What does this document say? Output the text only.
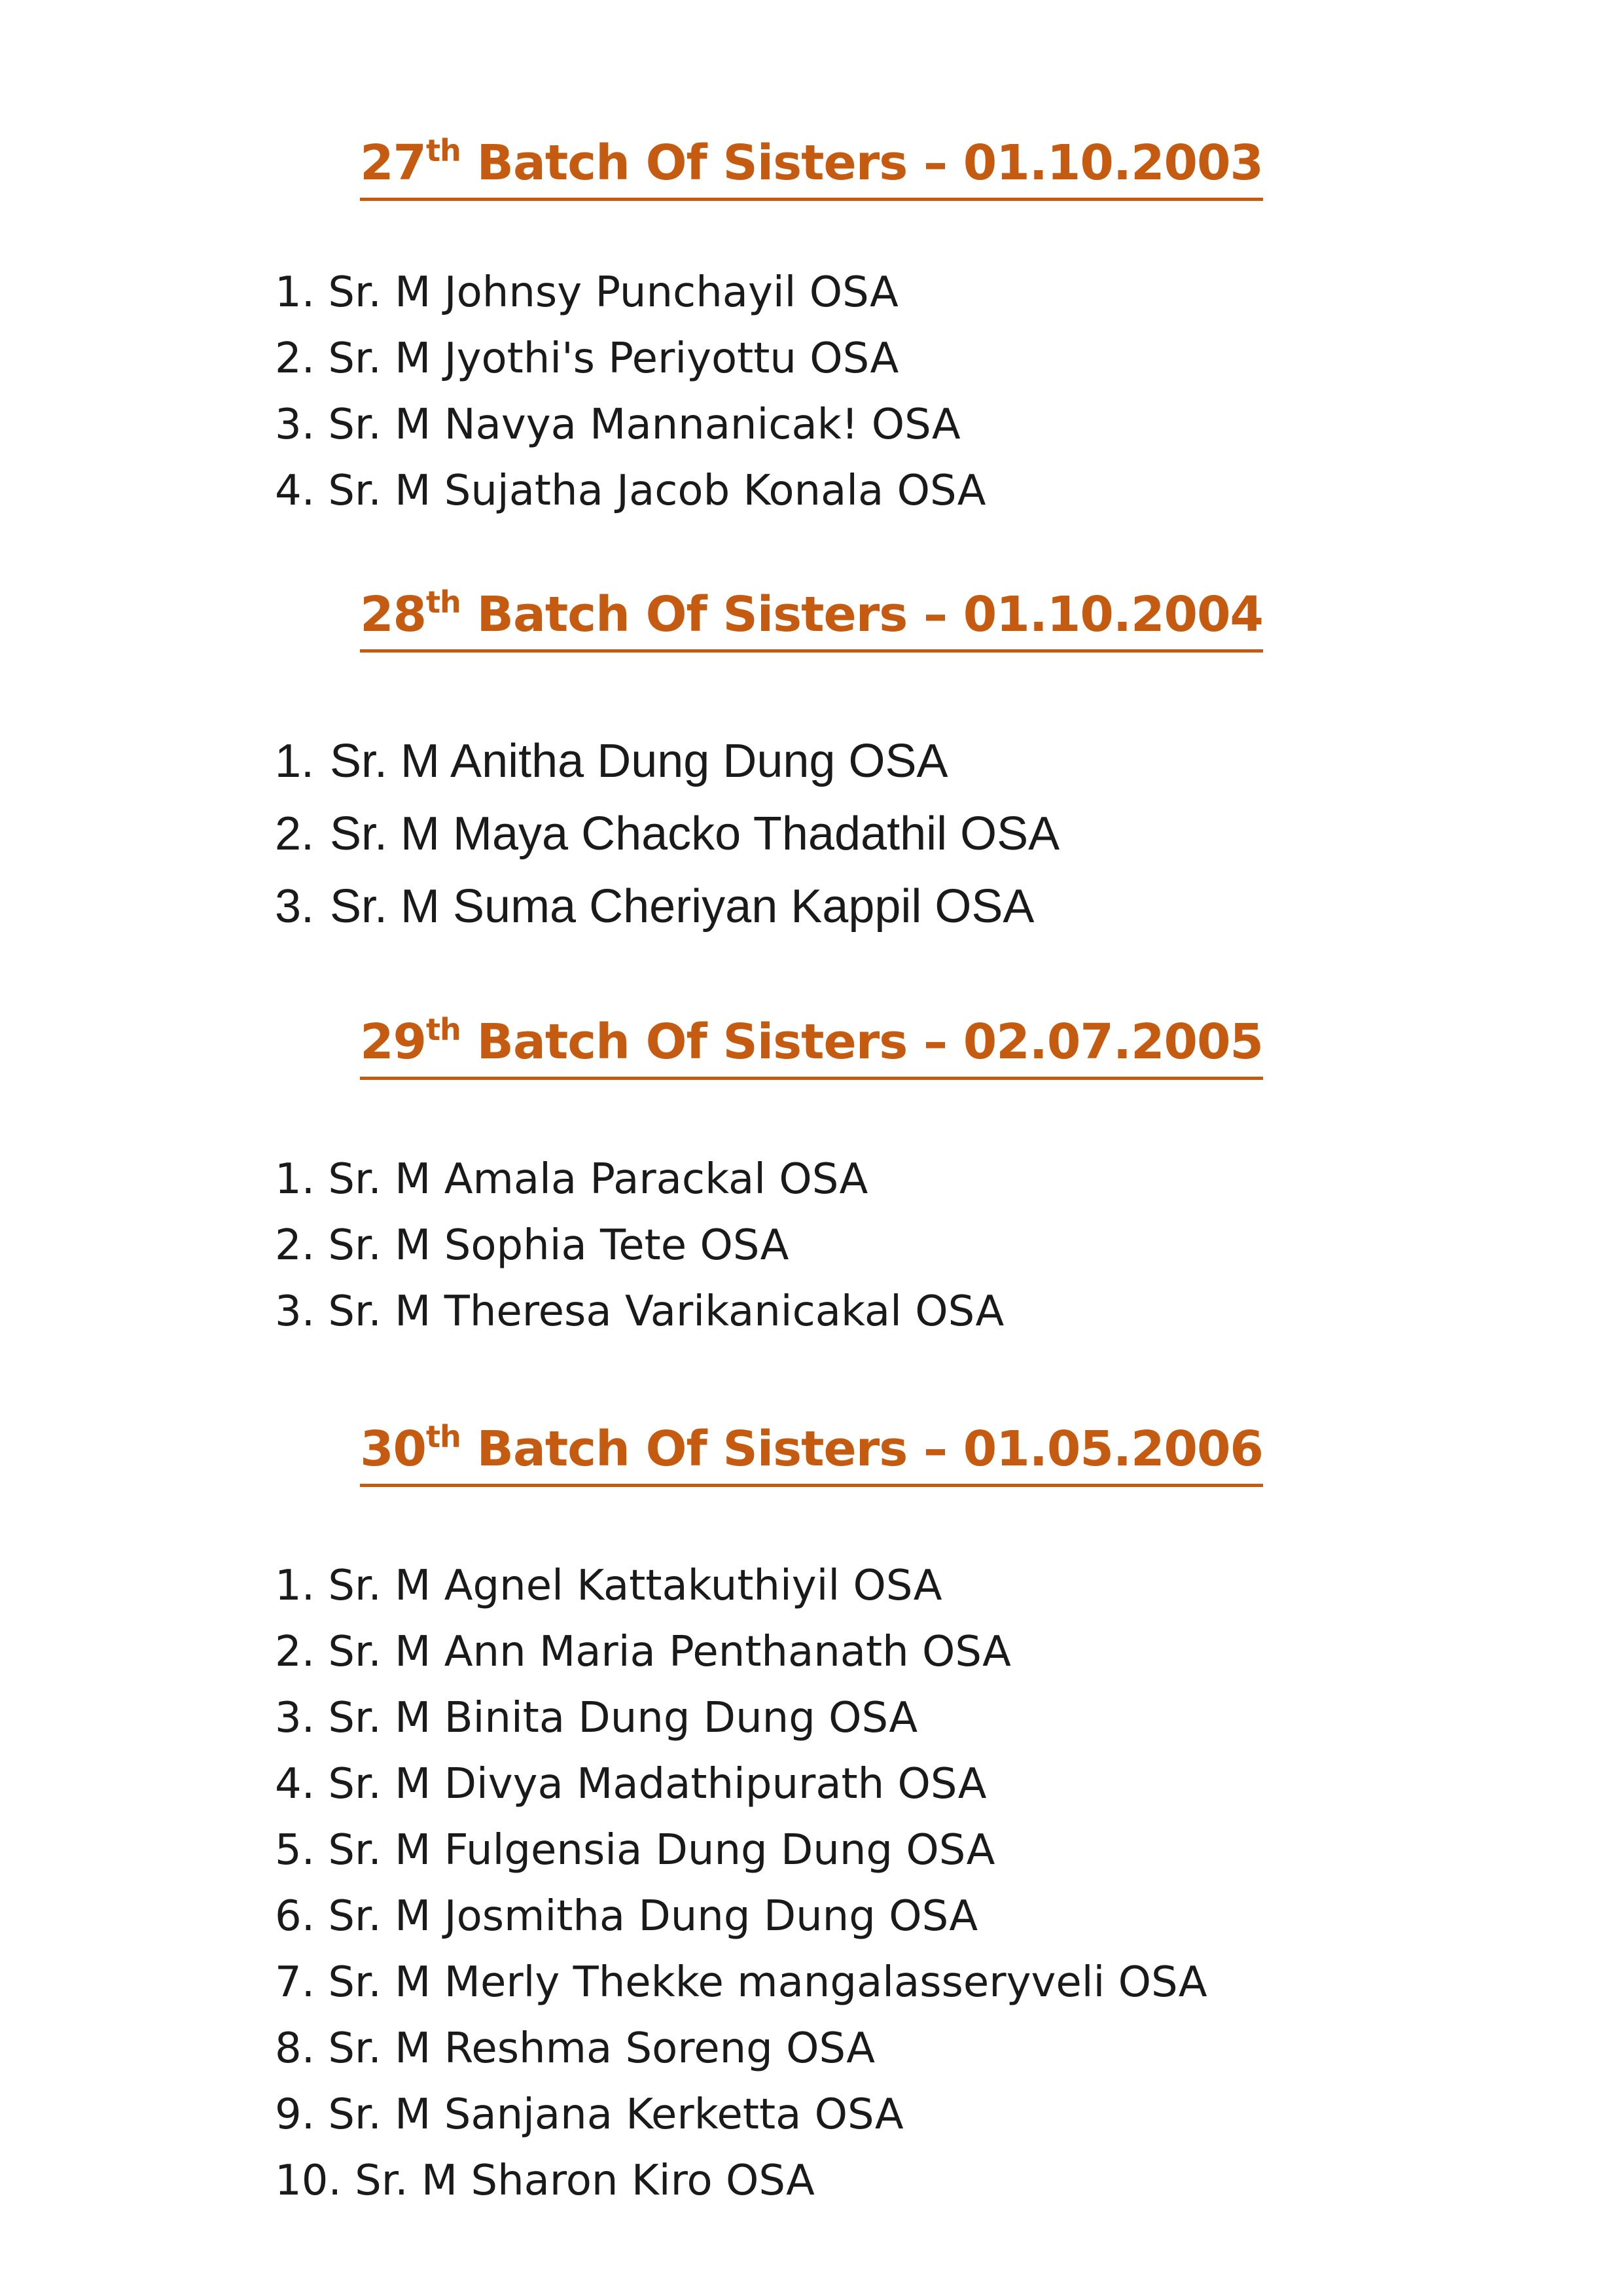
27th Batch Of Sisters – 01.10.2003
1. Sr. M Johnsy Punchayil OSA
2. Sr. M Jyothi's Periyottu OSA
3. Sr. M Navya Mannanicak! OSA
4. Sr. M Sujatha Jacob Konala OSA
28th Batch Of Sisters – 01.10.2004
1. Sr. M Anitha Dung Dung OSA
2. Sr. M Maya Chacko Thadathil OSA
3. Sr. M Suma Cheriyan Kappil OSA
29th Batch Of Sisters – 02.07.2005
1. Sr. M Amala Parackal OSA
2. Sr. M Sophia Tete OSA
3. Sr. M Theresa Varikanicakal OSA
30th Batch Of Sisters – 01.05.2006
1. Sr. M Agnel Kattakuthiyil OSA
2. Sr. M Ann Maria Penthanath OSA
3. Sr. M Binita Dung Dung OSA
4. Sr. M Divya Madathipurath OSA
5. Sr. M Fulgensia Dung Dung OSA
6. Sr. M Josmitha Dung Dung OSA
7. Sr. M Merly Thekke mangalasseryveli OSA
8. Sr. M Reshma Soreng OSA
9. Sr. M Sanjana Kerketta OSA
10. Sr. M Sharon Kiro OSA
